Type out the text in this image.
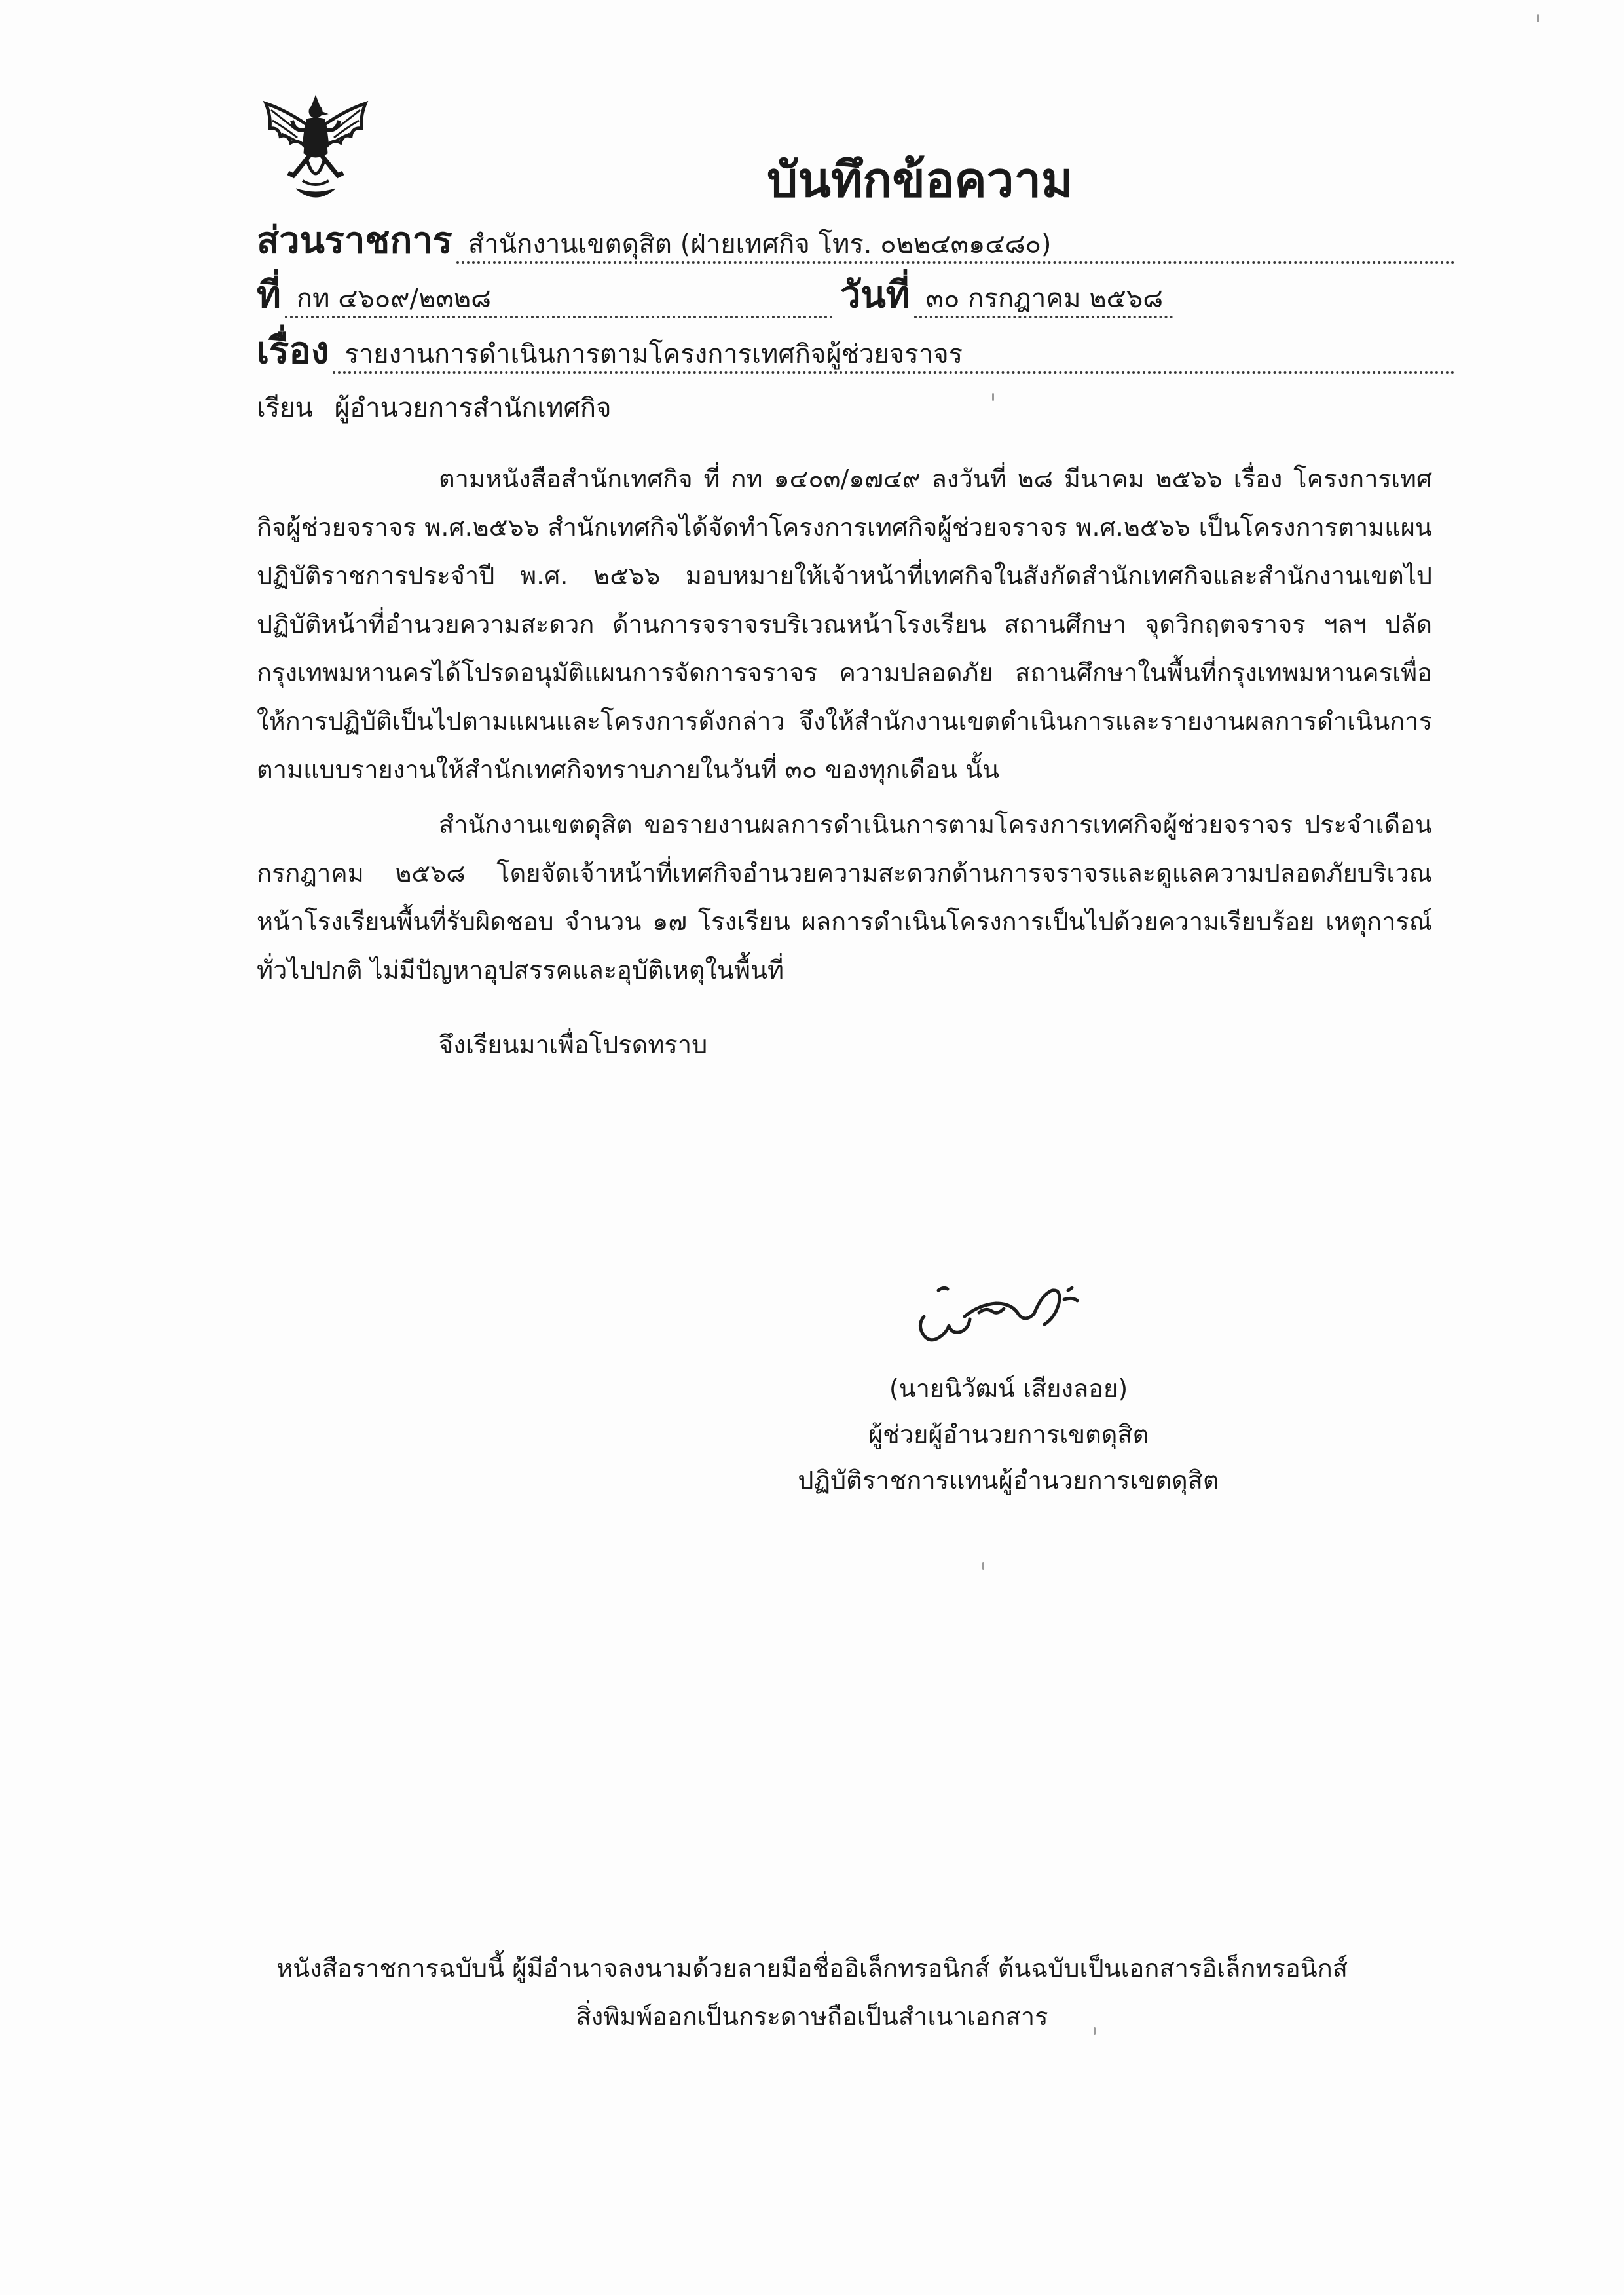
บันทึกข้อความ
ส่วนราชการ สำนักงานเขตดุสิต (ฝ่ายเทศกิจ โทร. ๐๒๒๔๓๑๔๘๐)
ที่ กท ๔๖๐๙/๒๓๒๘	วันที่ ๓๐ กรกฎาคม ๒๕๖๘
เรื่อง รายงานการดำเนินการตามโครงการเทศกิจผู้ช่วยจราจร
เรียน ผู้อำนวยการสำนักเทศกิจ

ตามหนังสือสำนักเทศกิจ ที่ กท ๑๔๐๓/๑๗๔๙ ลงวันที่ ๒๘ มีนาคม ๒๕๖๖ เรื่อง โครงการเทศกิจผู้ช่วยจราจร พ.ศ.๒๕๖๖ สำนักเทศกิจได้จัดทำโครงการเทศกิจผู้ช่วยจราจร พ.ศ.๒๕๖๖ เป็นโครงการตามแผนปฏิบัติราชการประจำปี พ.ศ. ๒๕๖๖ มอบหมายให้เจ้าหน้าที่เทศกิจในสังกัดสำนักเทศกิจและสำนักงานเขตไปปฏิบัติหน้าที่อำนวยความสะดวก ด้านการจราจรบริเวณหน้าโรงเรียน สถานศึกษา จุดวิกฤตจราจร ฯลฯ ปลัดกรุงเทพมหานครได้โปรดอนุมัติแผนการจัดการจราจร ความปลอดภัย สถานศึกษาในพื้นที่กรุงเทพมหานครเพื่อให้การปฏิบัติเป็นไปตามแผนและโครงการดังกล่าว จึงให้สำนักงานเขตดำเนินการและรายงานผลการดำเนินการตามแบบรายงานให้สำนักเทศกิจทราบภายในวันที่ ๓๐ ของทุกเดือน นั้น

สำนักงานเขตดุสิต ขอรายงานผลการดำเนินการตามโครงการเทศกิจผู้ช่วยจราจร ประจำเดือน กรกฎาคม ๒๕๖๘ โดยจัดเจ้าหน้าที่เทศกิจอำนวยความสะดวกด้านการจราจรและดูแลความปลอดภัยบริเวณหน้าโรงเรียนพื้นที่รับผิดชอบ จำนวน ๑๗ โรงเรียน ผลการดำเนินโครงการเป็นไปด้วยความเรียบร้อย เหตุการณ์ทั่วไปปกติ ไม่มีปัญหาอุปสรรคและอุบัติเหตุในพื้นที่

จึงเรียนมาเพื่อโปรดทราบ
(นายนิวัฒน์ เสียงลอย)
ผู้ช่วยผู้อำนวยการเขตดุสิต
ปฏิบัติราชการแทนผู้อำนวยการเขตดุสิต
หนังสือราชการฉบับนี้ ผู้มีอำนาจลงนามด้วยลายมือชื่ออิเล็กทรอนิกส์ ต้นฉบับเป็นเอกสารอิเล็กทรอนิกส์
สิ่งพิมพ์ออกเป็นกระดาษถือเป็นสำเนาเอกสาร
